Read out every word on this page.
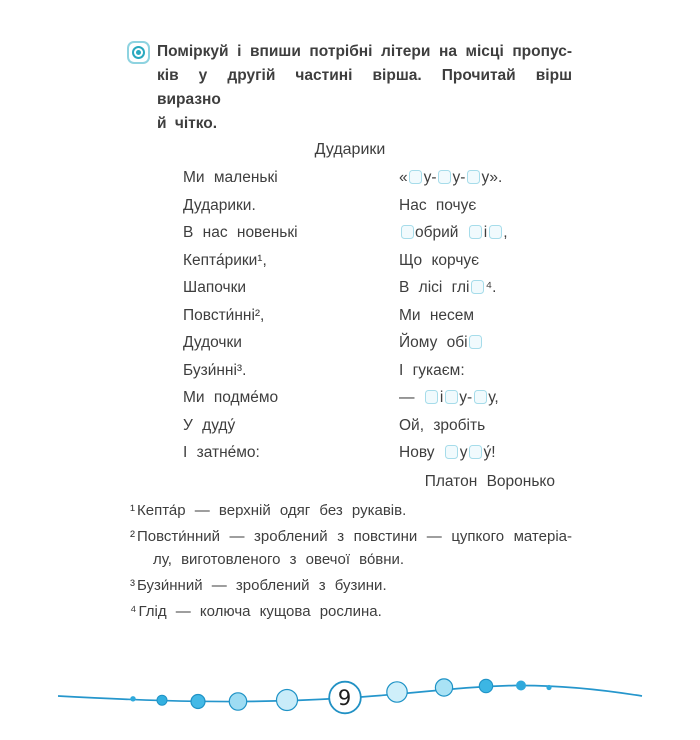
Поміркуй і впиши потрібні літери на місці пропус-
ків у другій частині вірша. Прочитай вірш виразно
й чітко.
Дударики
Ми маленькі
Дударики.
В нас новенькі
Кепта́рики¹,
Шапочки
Повсти́нні²,
Дудочки
Бузи́нні³.
Ми подме́мо
У дуду́
І затне́мо:
« у- у- у».
Нас почує
обрий і ,
Що корчує
В лісі глі ⁴.
Ми несем
Йому обі
І гукаєм:
— і у- у,
Ой, зробіть
Нову у у́!
Платон Воронько
¹ Кепта́р — верхній одяг без рукавів.
² Повсти́нний — зроблений з повстини — цупкого матеріа-
лу, виготовленого з овечої во́вни.
³ Бузи́нний — зроблений з бузини.
⁴ Глід — колюча кущова рослина.
9
